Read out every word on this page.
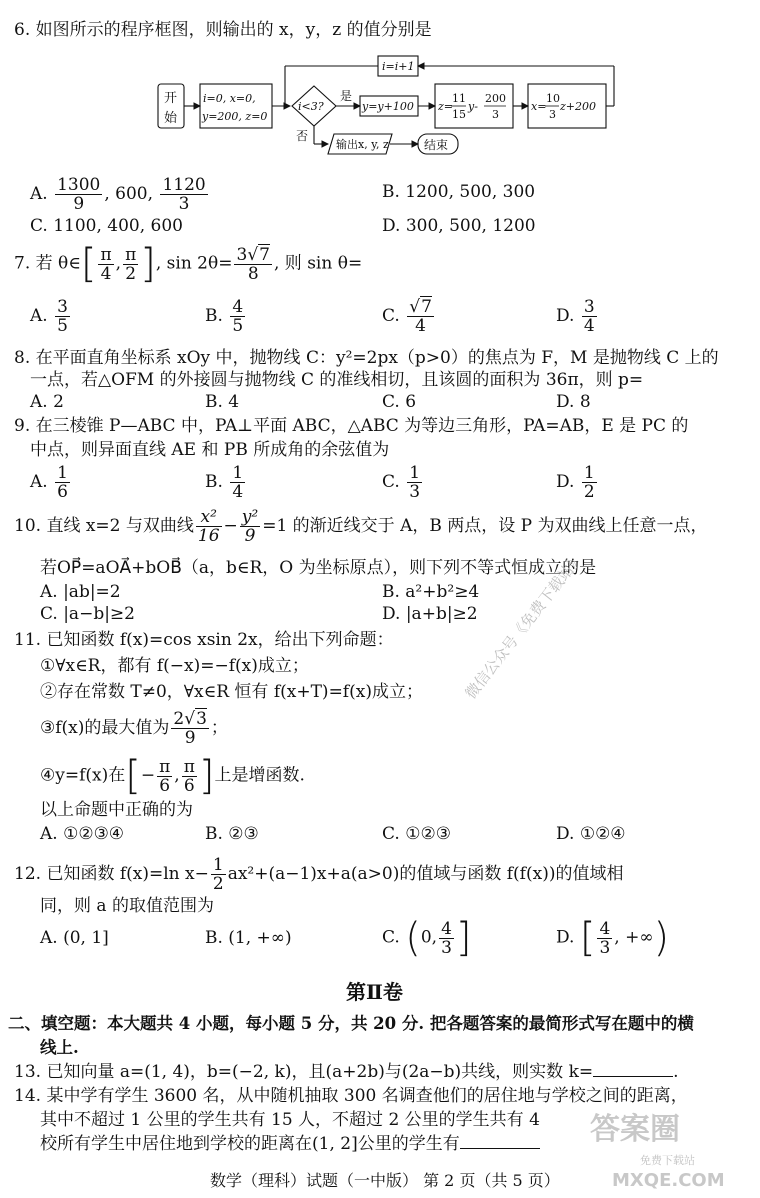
6. 如图所示的程序框图，则输出的 x，y，z 的值分别是
开
始
i=0, x=0,
y=200, z=0
i<3?
是
否
y=y+100 z=
11
15
y-
200
3
x=
10
3
z+200
i=i+1
输出x, y, z	结束
A. $\frac{1300}{9}$ , 600, $\frac{1120}{3}$	B. 1200, 500, 300
C. 1100, 400, 600	D. 300, 500, 1200
7. 若 θ∈[ $\frac{\pi}{4}$ , $\frac{\pi}{2}$ ], $\sin 2\theta= \frac{3√7}{8}$ , 则 sin θ=
A. $\frac{3}{5}$	B. $\frac{4}{5}$	C. $\frac{√7}{4}$	D. $\frac{3}{4}$
8. 在平面直角坐标系 xOy 中，抛物线 C：y²=2px（p>0）的焦点为 F，M 是抛物线 C 上的
一点，若△OFM 的外接圆与抛物线 C 的准线相切，且该圆的面积为 36π，则 p=
A. 2	B. 4	C. 6	D. 8
9. 在三棱锥 P—ABC 中，PA⊥平面 ABC，△ABC 为等边三角形，PA=AB，E 是 PC 的
中点，则异面直线 AE 和 PB 所成角的余弦值为
A. $\frac{1}{6}$	B. $\frac{1}{4}$	C. $\frac{1}{3}$	D. $\frac{1}{2}$
10. 直线 x=2 与双曲线 $\frac{\text{x²}}{16} - \frac{\text{y²}}{9} =1$ 的渐近线交于 A，B 两点，设 P 为双曲线上任意一点，
若OP⃗=aOA⃗+bOB⃗（a，b∈R，O 为坐标原点），则下列不等式恒成立的是
A. |ab|=2	B. a²+b²≥4
C. |a−b|≥2	D. |a+b|≥2
11. 已知函数 f(x)=cos xsin 2x，给出下列命题：
①∀x∈R，都有 f(−x)=−f(x)成立；
②存在常数 T≠0，∀x∈R 恒有 f(x+T)=f(x)成立；
③f(x)的最大值为 $\frac{2√3}{9}$ ；
④y=f(x)在[− $\frac{\pi}{6}$ , $\frac{\pi}{6}$ ]上是增函数.
以上命题中正确的为
A. ①②③④	B. ②③	C. ①②③	D. ①②④
12. 已知函数 f(x)=ln $x- \frac{1}{2} ax^2+(a-1)x+a(a>0)$的值域与函数 f(f(x))的值域相
同，则 a 的取值范围为
A. (0, 1]	B. (1, +∞)	C. (0, $\frac{4}{3}$ ]	D. [ $\frac{4}{3}$ , +∞)
第Ⅱ卷
二、填空题：本大题共 4 小题，每小题 5 分，共 20 分. 把各题答案的最简形式写在题中的横
线上.
13. 已知向量 a=(1, 4)，b=(−2, k)，且(a+2b)与(2a−b)共线，则实数 k=	.
14. 某中学有学生 3600 名，从中随机抽取 300 名调查他们的居住地与学校之间的距离，
其中不超过 1 公里的学生共有 15 人，不超过 2 公里的学生共有 4
校所有学生中居住地到学校的距离在(1, 2]公里的学生有
数学（理科）试题（一中版） 第 2 页（共 5 页）
微信公众号《免费下载站》
答案圈
MXQE.COM
免费下载站
